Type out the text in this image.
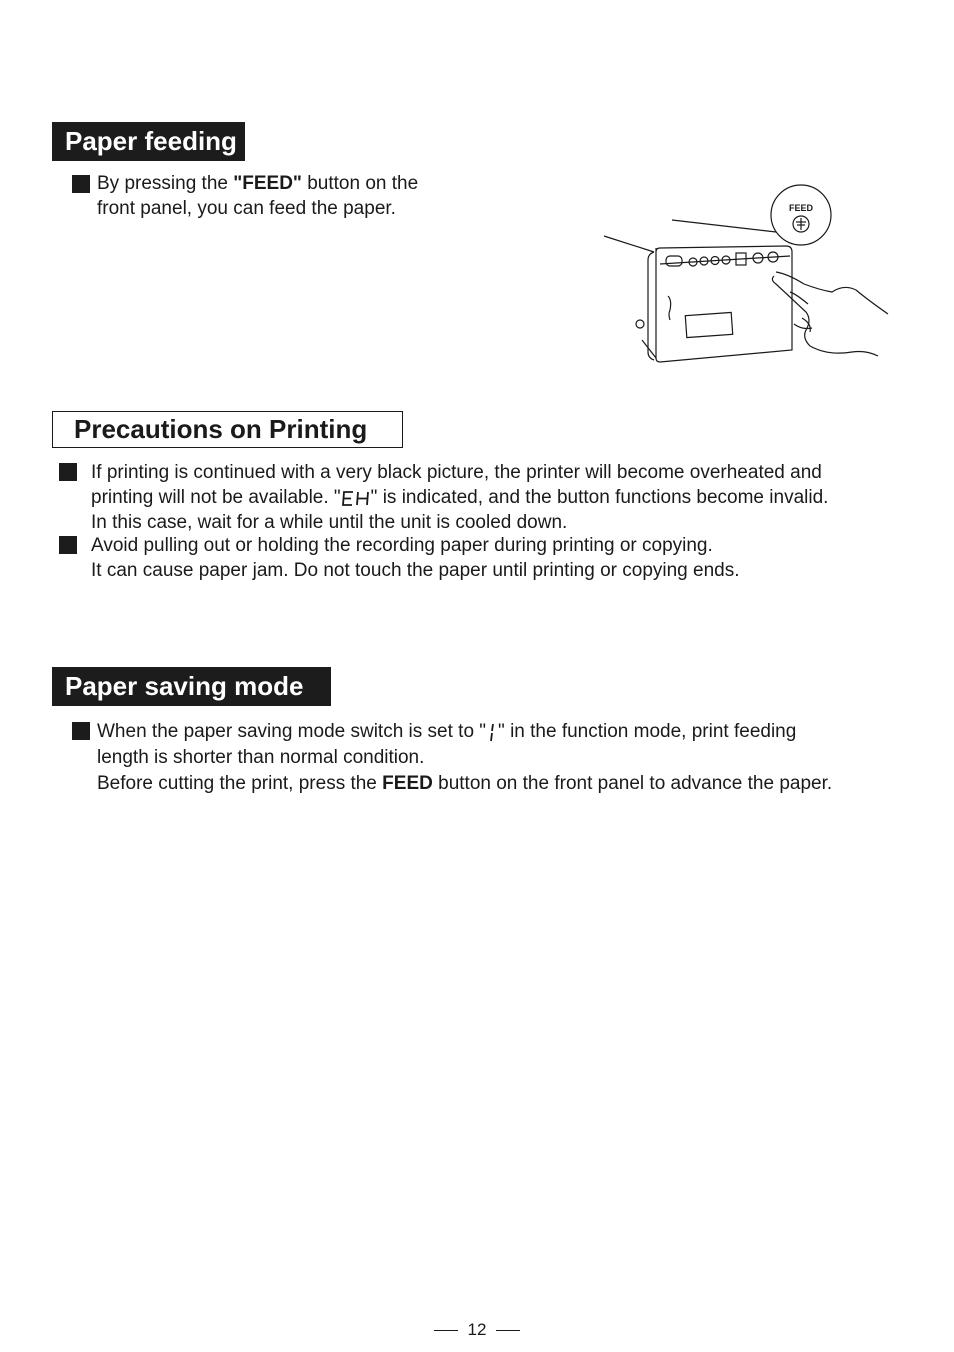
Paper feeding
By pressing the "FEED" button on the
front panel, you can feed the paper.	FEED
Precautions on Printing
If printing is continued with a very black picture, the printer will become overheated and
printing will not be available. " " is indicated, and the button functions become invalid.
In this case, wait for a while until the unit is cooled down.
Avoid pulling out or holding the recording paper during printing or copying.
It can cause paper jam. Do not touch the paper until printing or copying ends.
Paper saving mode
When the paper saving mode switch is set to " " in the function mode, print feeding
length is shorter than normal condition.
Before cutting the print, press the FEED button on the front panel to advance the paper.
12
